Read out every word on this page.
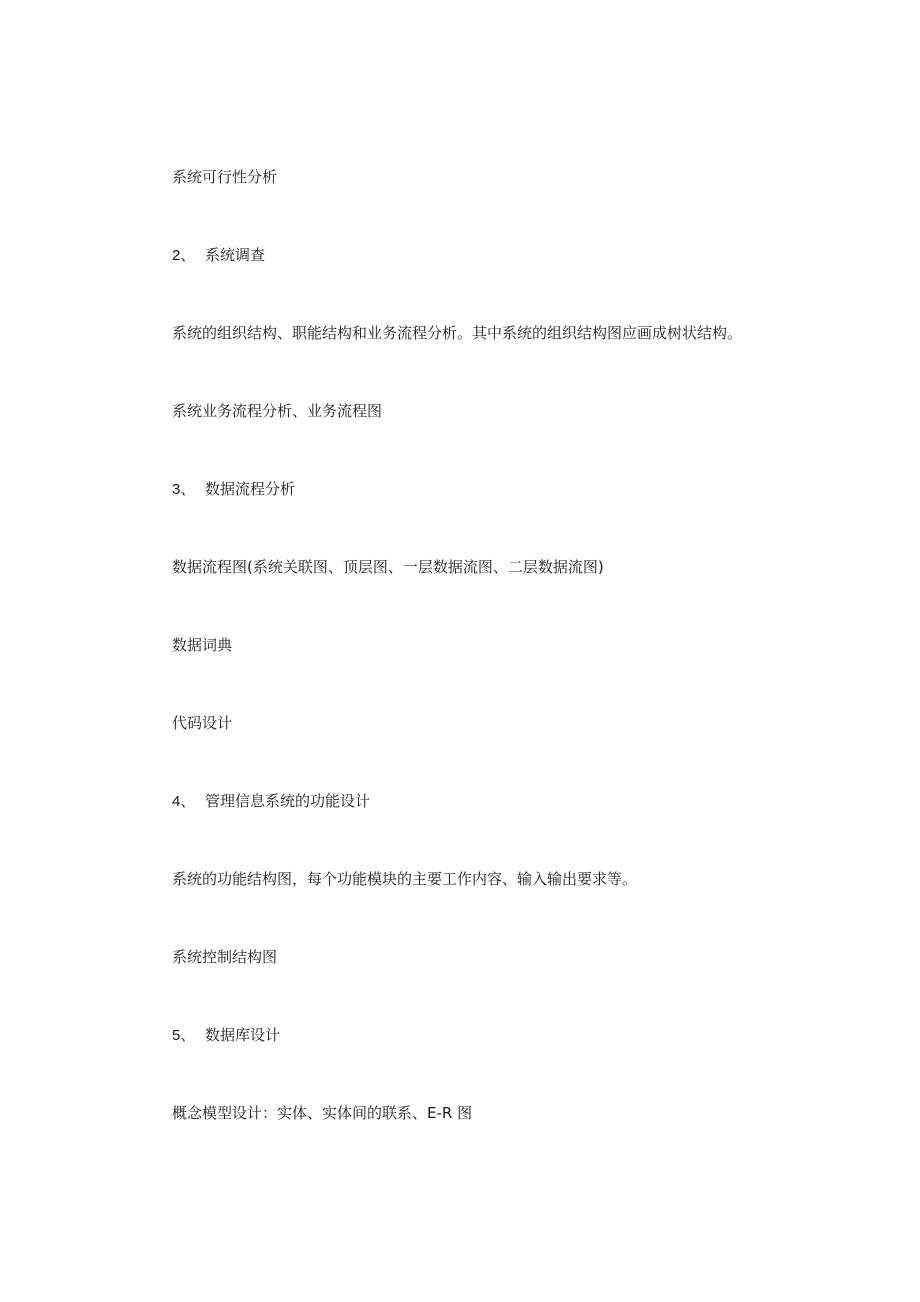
系统可行性分析
2、 系统调查
系统的组织结构、职能结构和业务流程分析。其中系统的组织结构图应画成树状结构。
系统业务流程分析、业务流程图
3、 数据流程分析
数据流程图(系统关联图、顶层图、一层数据流图、二层数据流图)
数据词典
代码设计
4、 管理信息系统的功能设计
系统的功能结构图，每个功能模块的主要工作内容、输入输出要求等。
系统控制结构图
5、 数据库设计
概念模型设计：实体、实体间的联系、E-R 图
